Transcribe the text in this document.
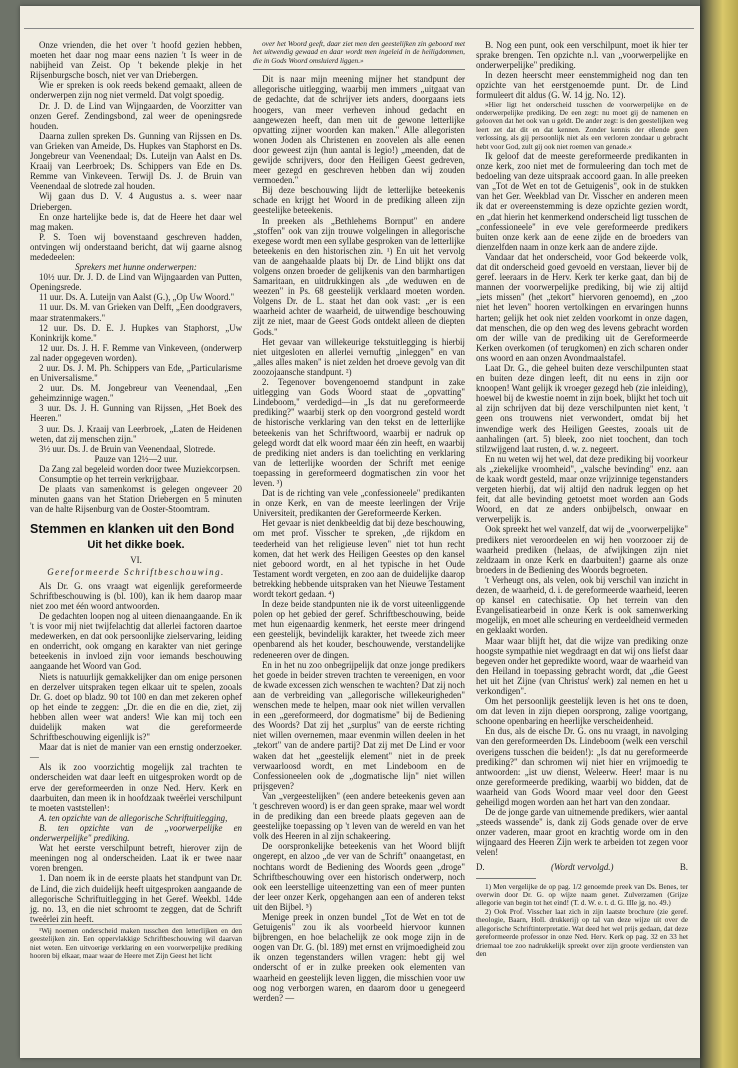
Onze vrienden, die het over 't hoofd gezien hebben, moeten het daar nog maar eens nazien 't Is weer in de nabijheid van Zeist. Op 't bekende plekje in het Rijsenburgsche bosch, niet ver van Driebergen.

Wie er spreken is ook reeds bekend gemaakt, alleen de onderwerpen zijn nog niet vermeld. Dat volgt spoedig.

Dr. J. D. de Lind van Wijngaarden, de Voorzitter van onzen Geref. Zendingsbond, zal weer de openingsrede houden.

Daarna zullen spreken Ds. Gunning van Rijssen en Ds. van Grieken van Ameide, Ds. Hupkes van Staphorst en Ds. Jongebreur van Veenendaal; Ds. Luteijn van Aalst en Ds. Kraaij van Leerbroek; Ds. Schippers van Ede en Ds. Remme van Vinkeveen. Terwijl Ds. J. de Bruin van Veenendaal de slotrede zal houden.

Wij gaan dus D. V. 4 Augustus a. s. weer naar Driebergen.

En onze hartelijke bede is, dat de Heere het daar wel mag maken.

P. S. Toen wij bovenstaand geschreven hadden, ontvingen wij onderstaand bericht, dat wij gaarne alsnog mededeelen:

Sprekers met hunne onderwerpen:

10½ uur. Dr. J. D. de Lind van Wijngaarden van Putten, Openingsrede.

11 uur. Ds. A. Luteijn van Aalst (G.), „Op Uw Woord."

11 uur. Ds. M. van Grieken van Delft, „Een doodgravers, maar stratenmakers."

12 uur. Ds. D. E. J. Hupkes van Staphorst, „Uw Koninkrijk kome."

12 uur. Ds. J. H. F. Remme van Vinkeveen, (onderwerp zal nader opgegeven worden).

2 uur. Ds. J. M. Ph. Schippers van Ede, „Particularisme en Universalisme."

2 uur. Ds. M. Jongebreur van Veenendaal, „Een geheimzinnige wagen."

3 uur. Ds. J. H. Gunning van Rijssen, „Het Boek des Heeren."

3 uur. Ds. J. Kraaij van Leerbroek, „Laten de Heidenen weten, dat zij menschen zijn."

3½ uur. Ds. J. de Bruin van Veenendaal, Slotrede.

Pauze van 12½—2 uur.

Da Zang zal begeleid worden door twee Muziekcorpsen.

Consumptie op het terrein verkrijgbaar.

De plaats van samenkomst is gelegen ongeveer 20 minuten gaans van het Station Driebergen en 5 minuten van de halte Rijsenburg van de Ooster-Stoomtram.

Stemmen en klanken uit den Bond
Uit het dikke boek.
VI.
Gereformeerde Schriftbeschouwing.

Als Dr. G. ons vraagt wat eigenlijk gereformeerde Schriftbeschouwing is (bl. 100), kan ik hem daarop maar niet zoo met één woord antwoorden.

De gedachten loopen nog al uiteen dienaangaande. En ik 't is voor mij niet twijfelachtig dat allerlei factoren daartoe medewerken, en dat ook persoonlijke zielservaring, leiding en onderricht, ook omgang en karakter van niet geringe beteekenis in invloed zijn voor iemands beschouwing aangaande het Woord van God.

Niets is natuurlijk gemakkelijker dan om enige personen en derzelver uitspraken tegen elkaar uit te spelen, zooals Dr. G. doet op bladz. 90 tot 100 en dan met zekeren ophef op het einde te zeggen: „Dr. die en die en die, ziet, zij hebben allen weer wat anders! Wie kan mij toch een duidelijk maken wat die gereformeerde Schriftbeschouwing eigenlijk is?"

Maar dat is niet de manier van een ernstig onderzoeker. —

Als ik zoo voorzichtig mogelijk zal trachten te onderscheiden wat daar leeft en uitgesproken wordt op de erve der gereformeerden in onze Ned. Herv. Kerk en daarbuiten, dan meen ik in hoofdzaak tweërlei verschilpunt te moeten vaststellen¹:

A. ten opzichte van de allegorische Schriftuitlegging,

B. ten opzichte van de „voorwerpelijke en onderwerpelijke" prediking.

Wat het eerste verschilpunt betreft, hierover zijn de meeningen nog al onderscheiden. Laat ik er twee naar voren brengen.

1. Dan noem ik in de eerste plaats het standpunt van Dr. de Lind, die zich duidelijk heeft uitgesproken aangaande de allegorische Schriftuitlegging in het Geref. Weekbl. 14de jg. no. 13, en die niet schroomt te zeggen, dat de Schrift tweërlei zin heeft.

¹Wij noemen onderscheid maken tusschen den letterlijken en den geestelijken zin. Een oppervlakkige Schriftbeschouwing wil daarvan niet weten. Een uitvoerige verklaring en een voorwerpelijke prediking hooren bij elkaar, maar waar de Heere met Zijn Geest het licht

over het Woord geeft, daar ziet men den geestelijken zin geboord met het uitwendig gewaad en daar wordt men ingeleid in de heiligdommen, die in Gods Woord omsluierd liggen.»

Dit is naar mijn meening mijner het standpunt der allegorische uitlegging, waarbij men immers „uitgaat van de gedachte, dat de schrijver iets anders, doorgaans iets hoogers, van meer verheven inhoud gedacht en aangewezen heeft, dan men uit de gewone letterlijke opvatting zijner woorden kan maken." Alle allegoristen wonen Joden als Christenen en zoovelen als alle eenen door geweest zijn (hun aantal is legio!) „meenden, dat de gewijde schrijvers, door den Heiligen Geest gedreven, meer gezegd en geschreven hebben dan wij zouden vermoeden."

Bij deze beschouwing lijdt de letterlijke beteekenis schade en krijgt het Woord in de prediking alleen zijn geestelijke beteekenis.

In preeken als „Bethlehems Bornput" en andere „stoffen" ook van zijn trouwe volgelingen in allegorische exegese wordt men een syllabe gesproken van de letterlijke beteekenis en den historischen zin. ¹) En uit het vervolg van de aangehaalde plaats bij Dr. de Lind blijkt ons dat volgens onzen broeder de gelijkenis van den barmhartigen Samaritaan, en uitdrukkingen als „de weduwen en de weezen" in Ps. 68 geestelijk verklaard moeten worden. Volgens Dr. de L. staat het dan ook vast: „er is een waarheid achter de waarheid, de uitwendige beschouwing zijt ze niet, maar de Geest Gods ontdekt alleen de diepten Gods."

Het gevaar van willekeurige tekstuitlegging is hierbij niet uitgesloten en allerlei vernuftig „inleggen" en van „alles alles maken" is niet zelden het droeve gevolg van dit zoozojaansche standpunt. ²)

2. Tegenover bovengenoemd standpunt in zake uitlegging van Gods Woord staat de „opvatting" Lindeboom," verdedigd—in „Is dat nu gereformeerde prediking?" waarbij sterk op den voorgrond gesteld wordt de historische verklaring van den tekst en de letterlijke beteekenis van het Schriftwoord, waarbij er nadruk op gelegd wordt dat elk woord maar één zin heeft, en waarbij de prediking niet anders is dan toelichting en verklaring van de letterlijke woorden der Schrift met eenige toepassing in gereformeerd dogmatischen zin voor het leven. ³)

Dat is de richting van vele „confessioneele" predikanten in onze Kerk, en van de meeste leerlingen der Vrije Universiteit, predikanten der Gereformeerde Kerken.

Het gevaar is niet denkbeeldig dat bij deze beschouwing, om met prof. Visscher te spreken, „de rijkdom en teederheid van het religieuse leven" niet tot hun recht komen, dat het werk des Heiligen Geestes op den kansel niet geboord wordt, en al het typische in het Oude Testament wordt vergeten, en zoo aan de duidelijke daarop betrekking hebbende uitspraken van het Nieuwe Testament wordt tekort gedaan. ⁴)

In deze beide standpunten nie ik de vorst uiteenliggende polen op het gebied der geref. Schriftbeschouwing, beide met hun eigenaardig kenmerk, het eerste meer dringend een geestelijk, bevindelijk karakter, het tweede zich meer openbarend als het kouder, beschouwende, verstandelijke redeneeren over de dingen.

En in het nu zoo onbegrijpelijk dat onze jonge predikers het goede in beider streven trachten te vereenigen, en voor de kwade excessen zich wenschen te wachten? Dat zij noch aan de verbreiding van „allegorische willekeurigheden" wenschen mede te helpen, maar ook niet willen vervallen in een „gereformeerd, dor dogmatisme" bij de Bediening des Woords? Dat zij het „surplus" van de eerste richting niet willen overnemen, maar evenmin willen deelen in het „tekort" van de andere partij? Dat zij met De Lind er voor waken dat het „geestelijk element" niet in de preek verwaarloosd wordt, en met Lindeboom en de Confessioneelen ook de „dogmatische lijn" niet willen prijsgeven?

Van „vergeestelijken" (een andere beteekenis geven aan 't geschreven woord) is er dan geen sprake, maar wel wordt in de prediking dan een breede plaats gegeven aan de geestelijke toepassing op 't leven van de wereld en van het volk des Heeren in al zijn schakeering.

De oorspronkelijke beteekenis van het Woord blijft ongerept, en alzoo „de ver van de Schrift" onaangetast, en nochtans wordt de Bediening des Woords geen „droge" Schriftbeschouwing over een historisch onderwerp, noch ook een leerstellige uiteenzetting van een of meer punten der leer onzer Kerk, opgehangen aan een of anderen tekst uit den Bijbel. ⁵)

Menige preek in onzen bundel „Tot de Wet en tot de Getuigenis" zou ik als voorbeeld hiervoor kunnen bijbrengen, en hoe belachelijk ze ook moge zijn in de oogen van Dr. G. (bl. 189) met ernst en vrijmoedigheid zou ik onzen tegenstanders willen vragen: hebt gij wel onderscht of er in zulke preeken ook elementen van waarheid en geestelijk leven liggen, die misschien voor uw oog nog verborgen waren, en daarom door u genegeerd werden? —

B. Nog een punt, ook een verschilpunt, moet ik hier ter sprake brengen. Ten opzichte n.l. van „voorwerpelijke en onderwerpelijke" prediking.

In dezen heerscht meer eenstemmigheid nog dan ten opzichte van het eerstgenoemde punt. Dr. de Lind formuleert dit aldus (G. W. 14 jg. No. 12).

»Hier ligt het onderscheid tusschen de voorwerpelijke en de onderwerpelijke prediking. De een zegt: nu moet gij de namenen en gelooven dat het ook van u geldt. De ander zegt: is den geestelijken weg leert zet dat dit en dat kennen. Zonder kennis der ellende geen verlossing, als gij persoonlijk niet als een verloren zondaar u gebracht hebt voor God, zult gij ook niet roemen van genade.«

Ik geloof dat de meeste gereformeerde predikanten in onze kerk, zoo niet met de formuleering dan toch met de bedoeling van deze uitspraak accoord gaan. In alle preeken van „Tot de Wet en tot de Getuigenis", ook in de stukken van het Ger. Weekblad van Dr. Visscher en anderen meen ik dat er overeenstemming is deze opzichte gezien wordt, en „dat hierin het kenmerkend onderscheid ligt tusschen de „confessioneele" in eve vele gereformeerde predikers buiten onze kerk aan de eene zijde en de broeders van dienzelfden naam in onze kerk aan de andere zijde.

Vandaar dat het onderscheid, voor God bekeerde volk, dat dit onderscheid goed gevoeld en verstaan, liever bij de geref. leeraars in de Herv. Kerk ter kerke gaat, dan bij de mannen der voorwerpelijke prediking, bij wie zij altijd „iets missen" (het „tekort" hiervoren genoemd), en „zoo niet het leven" hooren vertolkingen en ervaringen hunns harten; gelijk het ook niet zelden voorkomt in onze dagen, dat menschen, die op den weg des levens gebracht worden om der wille van de prediking uit de Gereformeerde Kerken overkomen (of terugkomen) en zich scharen onder ons woord en aan onzen Avondmaalstafel.

Laat Dr. G., die geheel buiten deze verschilpunten staat en buiten deze dingen leeft, dit nu eens in zijn oor knoopen! Want gelijk ik vroeger gezegd heb (zie inleiding), hoewel bij de kwestie noemt in zijn boek, blijkt het toch uit al zijn schrijven dat bij deze verschilpunten niet kent, 't geen ons trouwens niet verwondert, omdat bij het inwendige werk des Heiligen Geestes, zooals uit de aanhalingen (art. 5) bleek, zoo niet toochent, dan toch stilzwijgend laat rusten, d. w. z. negeert.

En nu weten wij het wel, dat deze prediking bij voorkeur als „ziekelijke vroomheid", „valsche bevinding" enz. aan de kaak wordt gesteld, maar onze vrijzinnige tegenstanders vergeten hierbij, dat wij altijd den nadruk leggen op het feit, dat alle bevinding getoetst moet worden aan Gods Woord, en dat ze anders onbijbelsch, onwaar en verwerpelijk is.

Ook spreekt het wel vanzelf, dat wij de „voorwerpelijke" predikers niet veroordeelen en wij hen voorzooer zij de waarheid prediken (helaas, de afwijkingen zijn niet zeldzaam in onze Kerk en daarbuiten!) gaarne als onze broeders in de Bediening des Woords begroeten.

't Verheugt ons, als velen, ook bij verschil van inzicht in dezen, de waarheid, d. i. de gereformeerde waarheid, leeren op kansel en catechisatie. Op het terrein van den Evangelisatiearbeid in onze Kerk is ook samenwerking mogelijk, en moet alle scheuring en verdeeldheid vermeden en geklaakt worden.

Maar waar blijft het, dat die wijze van prediking onze hoogste sympathie niet wegdraagt en dat wij ons liefst daar begeven onder het geprediktе woord, waar de waarheid van den Heiland in toepassing gebracht wordt, dat „die Geest het uit het Zijne (van Christus' werk) zal nemen en het u verkondigen".

Om het persoonlijk geestelijk leven is het ons te doen, om dat leven in zijn diepen oorsprong, zalige voortgang, schoone openbaring en heerlijke verscheidenheid.

En dus, als de eische Dr. G. ons nu vraagt, in navolging van den gereformeerden Ds. Lindeboom (welk een verschil overigens tusschen die beiden!): „Is dat nu gereformeerde prediking?" dan schromen wij niet hier en vrijmoedig te antwoorden: „ist uw dienst, Weleerw. Heer! maar is nu onze gereformeerde prediking, waarbij wo bidden, dat de waarheid van Gods Woord maar veel door den Geest geheiligd mogen worden aan het hart van den zondaar.

De de jonge garde van uitnemende predikers, wier aantal „steeds wassende" is, dank zij Gods genade over de erve onzer vaderen, maar groot en krachtig worde om in den wijngaard des Heeren Zijn werk te arbeiden tot zegen voor velen!

D.	(Wordt vervolgd.)	B.

1) Men vergelijke de op pag. 1/2 genoemde preek van Ds. Benes, ter overwin door Dr. G. op wijze naam genet. Zulverzamen (Grijze allegorie van begin tot het eind! (T. d. W. e. t. d. G. IIIe jg. no. 49.)

2) Ook Prof. Visscher laat zich in zijn laatste brochure (zie geref. theologie, Baarn, Holl. drukkerij) op tal van deze wijze uit over de allegorische Schriftinterpretatie. Wat deed het wel prijs gedaan, dat deze gereformeerde professor in onze Ned. Herv. Kerk op pag. 32 en 33 het driemaal toe zoo nadrukkelijk spreekt over zijn groote verdiensten van den
